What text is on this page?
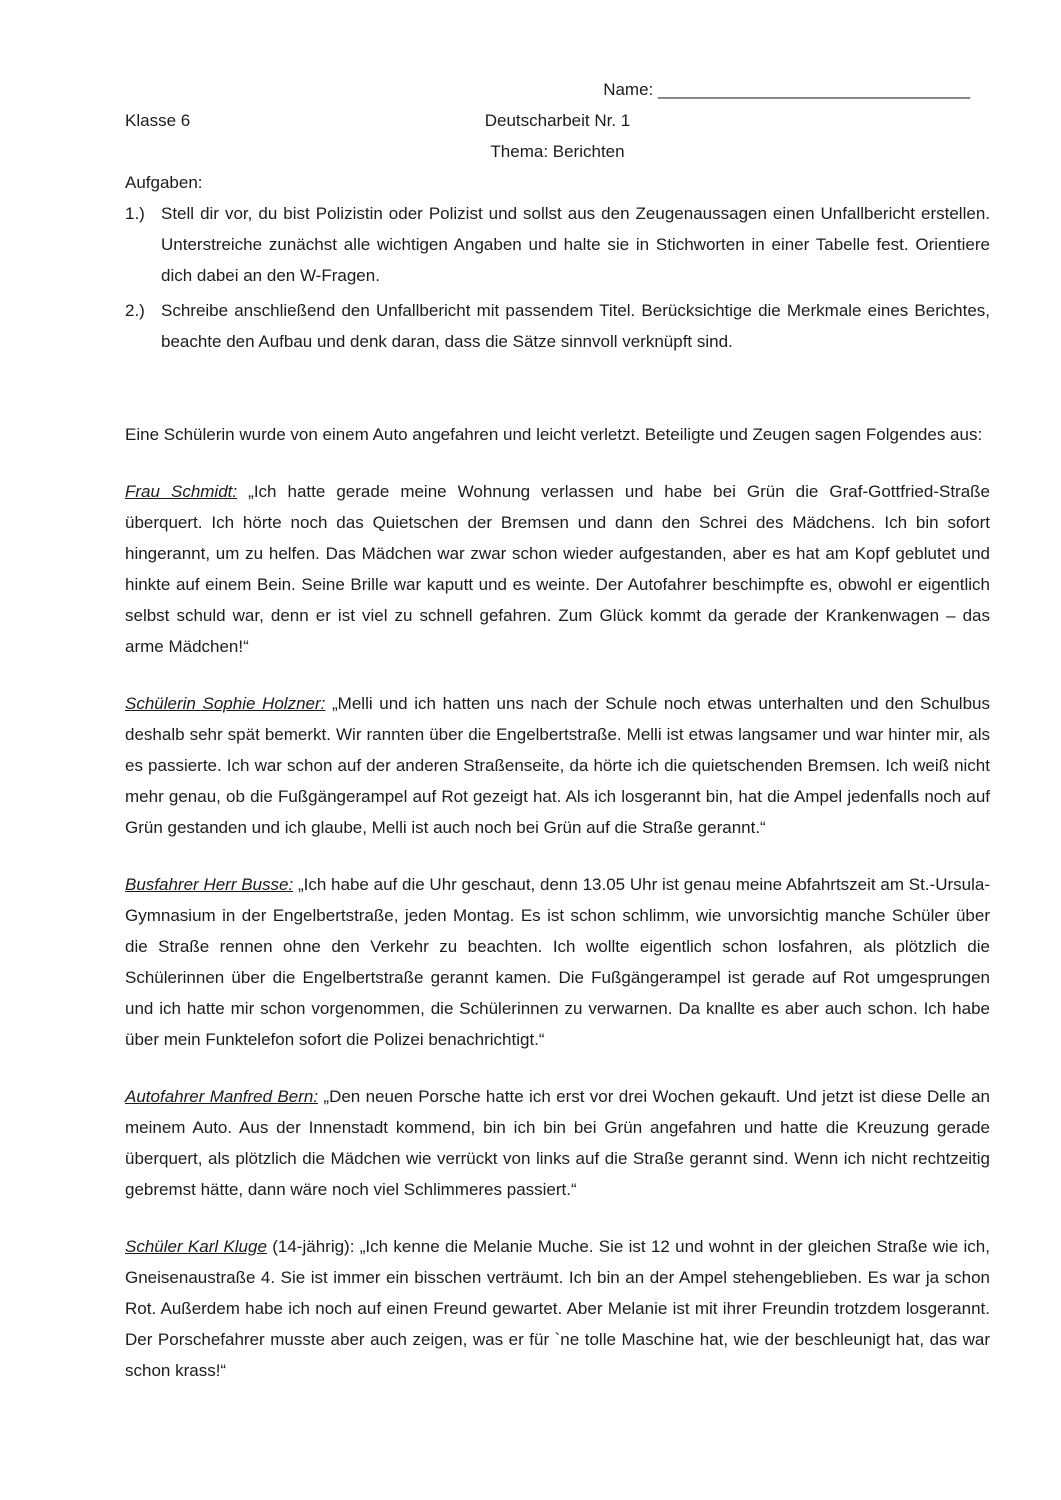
Name: _________________________________
Klasse 6	Deutscharbeit Nr. 1
Thema: Berichten
Aufgaben:
1.) Stell dir vor, du bist Polizistin oder Polizist und sollst aus den Zeugenaussagen einen Unfallbericht erstellen. Unterstreiche zunächst alle wichtigen Angaben und halte sie in Stichworten in einer Tabelle fest. Orientiere dich dabei an den W-Fragen.
2.) Schreibe anschließend den Unfallbericht mit passendem Titel. Berücksichtige die Merkmale eines Berichtes, beachte den Aufbau und denk daran, dass die Sätze sinnvoll verknüpft sind.
Eine Schülerin wurde von einem Auto angefahren und leicht verletzt. Beteiligte und Zeugen sagen Folgendes aus:
Frau Schmidt: „Ich hatte gerade meine Wohnung verlassen und habe bei Grün die Graf-Gottfried-Straße überquert. Ich hörte noch das Quietschen der Bremsen und dann den Schrei des Mädchens. Ich bin sofort hingerannt, um zu helfen. Das Mädchen war zwar schon wieder aufgestanden, aber es hat am Kopf geblutet und hinkte auf einem Bein. Seine Brille war kaputt und es weinte. Der Autofahrer beschimpfte es, obwohl er eigentlich selbst schuld war, denn er ist viel zu schnell gefahren. Zum Glück kommt da gerade der Krankenwagen – das arme Mädchen!“
Schülerin Sophie Holzner: „Melli und ich hatten uns nach der Schule noch etwas unterhalten und den Schulbus deshalb sehr spät bemerkt. Wir rannten über die Engelbertstraße. Melli ist etwas langsamer und war hinter mir, als es passierte. Ich war schon auf der anderen Straßenseite, da hörte ich die quietschenden Bremsen. Ich weiß nicht mehr genau, ob die Fußgängerampel auf Rot gezeigt hat. Als ich losgerannt bin, hat die Ampel jedenfalls noch auf Grün gestanden und ich glaube, Melli ist auch noch bei Grün auf die Straße gerannt.“
Busfahrer Herr Busse: „Ich habe auf die Uhr geschaut, denn 13.05 Uhr ist genau meine Abfahrtszeit am St.-Ursula-Gymnasium in der Engelbertstraße, jeden Montag. Es ist schon schlimm, wie unvorsichtig manche Schüler über die Straße rennen ohne den Verkehr zu beachten. Ich wollte eigentlich schon losfahren, als plötzlich die Schülerinnen über die Engelbertstraße gerannt kamen. Die Fußgängerampel ist gerade auf Rot umgesprungen und ich hatte mir schon vorgenommen, die Schülerinnen zu verwarnen. Da knallte es aber auch schon. Ich habe über mein Funktelefon sofort die Polizei benachrichtigt.“
Autofahrer Manfred Bern: „Den neuen Porsche hatte ich erst vor drei Wochen gekauft. Und jetzt ist diese Delle an meinem Auto. Aus der Innenstadt kommend, bin ich bin bei Grün angefahren und hatte die Kreuzung gerade überquert, als plötzlich die Mädchen wie verrückt von links auf die Straße gerannt sind. Wenn ich nicht rechtzeitig gebremst hätte, dann wäre noch viel Schlimmeres passiert.“
Schüler Karl Kluge (14-jährig): „Ich kenne die Melanie Muche. Sie ist 12 und wohnt in der gleichen Straße wie ich, Gneisenaustraße 4. Sie ist immer ein bisschen verträumt. Ich bin an der Ampel stehengeblieben. Es war ja schon Rot. Außerdem habe ich noch auf einen Freund gewartet. Aber Melanie ist mit ihrer Freundin trotzdem losgerannt. Der Porschefahrer musste aber auch zeigen, was er für `ne tolle Maschine hat, wie der beschleunigt hat, das war schon krass!“
